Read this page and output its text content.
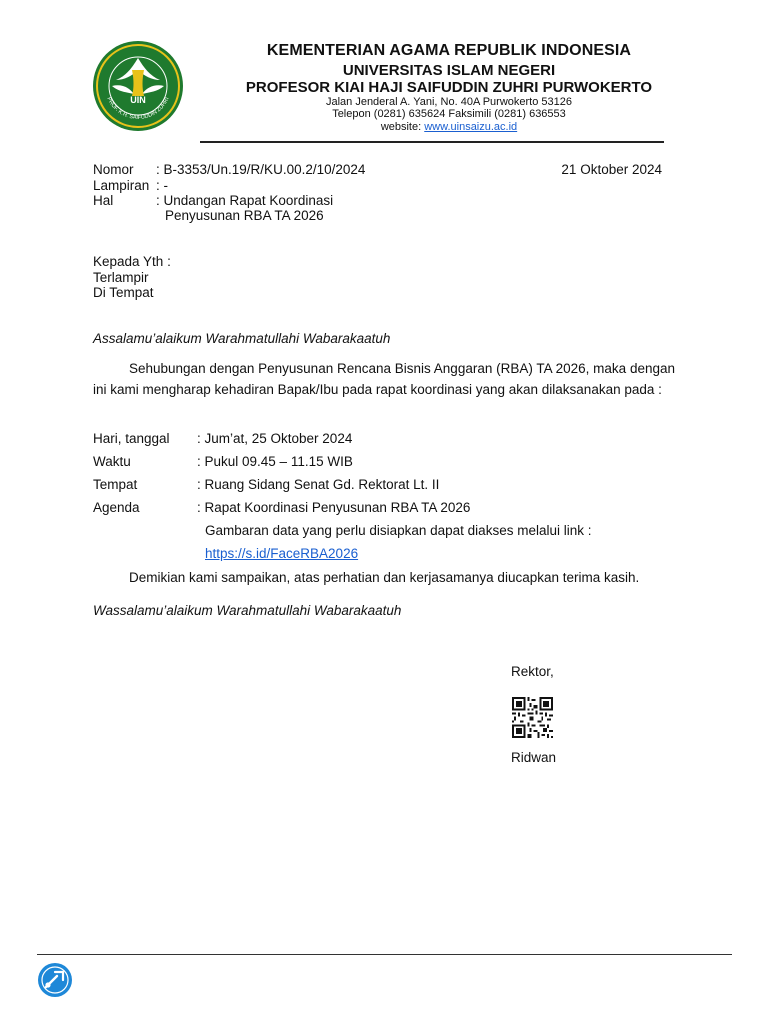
UIN
PROF. K.H. SAIFUDDIN ZUHRI
KEMENTERIAN AGAMA REPUBLIK INDONESIA
UNIVERSITAS ISLAM NEGERI
PROFESOR KIAI HAJI SAIFUDDIN ZUHRI PURWOKERTO
Jalan Jenderal A. Yani, No. 40A Purwokerto 53126
Telepon (0281) 635624 Faksimili (0281) 636553
website: www.uinsaizu.ac.id
Nomor : B-3353/Un.19/R/KU.00.2/10/2024	21 Oktober 2024
Lampiran : -
Hal	: Undangan Rapat Koordinasi
Penyusunan RBA TA 2026
Kepada Yth :
Terlampir
Di Tempat
Assalamu’alaikum Warahmatullahi Wabarakaatuh
Sehubungan dengan Penyusunan Rencana Bisnis Anggaran (RBA) TA 2026, maka dengan ini kami mengharap kehadiran Bapak/Ibu pada rapat koordinasi yang akan dilaksanakan pada :
Hari, tanggal : Jum’at, 25 Oktober 2024
Waktu	: Pukul 09.45 – 11.15 WIB
Tempat	: Ruang Sidang Senat Gd. Rektorat Lt. II
Agenda	: Rapat Koordinasi Penyusunan RBA TA 2026
Gambaran data yang perlu disiapkan dapat diakses melalui link :
https://s.id/FaceRBA2026
Demikian kami sampaikan, atas perhatian dan kerjasamanya diucapkan terima kasih.
Wassalamu’alaikum Warahmatullahi Wabarakaatuh
Rektor,
Ridwan
